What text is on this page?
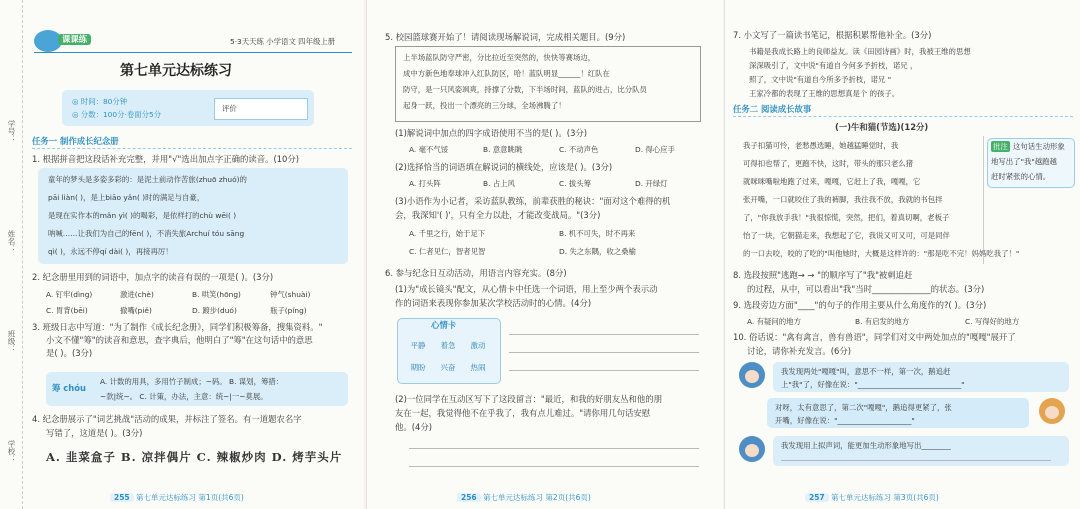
学号：
姓名：
班级：
学校：
课课练	5·3天天练 小学语文 四年级上册
第七单元达标练习
◎ 时间：80分钟
◎ 分数：100分·卷面分5分
评价
任务一 制作成长纪念册
1. 根据拼音把这段话补充完整，并用"√"选出加点字正确的读音。(10分)
童年的梦头是多姿多彩的：是泥土前动作苦旅(zhuō zhuó)的
pāi liàn( )，是上biāo yǎn( )时的满足与自豪，
是现在实作本的mǎn yì( )的喝彩，是依样打的chù wēi( )
呐喊……让我们为自己的fēn( )，不消失旅Archuí tóu sāng
qì( )，永远不停qí dài( )，再接再厉！
2. 纪念册里用到的词语中，加点字的读音有误的一项是( )。(3分)
A. 钉牢(dìng)	激进(chè)	B. 哄笑(hōng)	钟气(shuài)
C. 胃背(bēi)	撤嘴(piě)	D. 踱步(duó)	瓶子(píng)
3. 班级日志中写道："为了制作《成长纪念册》，同学们积极筹备，搜集资料。"
小文不懂"筹"的读音和意思，查字典后，他明白了"筹"在这句话中的意思
是( )。(3分)
筹 chóu
A. 计数的用具，多用竹子制成；~码。 B. 谋划，筹措：
~款|统~。 C. 计策，办法，主意：统~|一~莫展。
4. 纪念册展示了"词艺挑战"活动的成果，并标注了签名。有一道题农名字
写错了，这道是( )。(3分)
A. 韭菜盒子 B. 凉拌偶片 C. 辣椒炒肉 D. 烤芋头片
255 第七单元达标练习 第1页(共6页)
5. 校园篮球赛开始了！请阅读现场解说词，完成相关题目。(9分)
上半场蓝队防守严密，分比拉近至突然的，快快等赛场边，
成中方新色地奉球冲入红队防区，哈！蓝队明显______！红队在
防守，是一只风姿飒爽，持撑了分数，下半场时间，蓝队的进占，比分队员
起身一跃，投出一个漂亮的三分球，全场沸腾了！
(1)解说词中加点的四字成语使用不当的是( )。(3分)
A. 毫不气馁	B. 意意眺眺	C. 不动声色	D. 得心应手
(2)选择恰当的词语填在解说词的横线处，应该是( )。(3分)
A. 打头阵	B. 占上风	C. 拔头筹	D. 开绿灯
(3)小语作为小记者，采访蓝队教练，前辈获胜的秘诀："面对这个难得的机
会，我深知'( )'，只有全力以赴，才能改变战局。"(3分)
A. 千里之行，始于足下	B. 机不可失，时不再来
C. 仁者见仁，智者见智	D. 失之东隅，收之桑榆
6. 参与纪念日互动活动，用语言内容充实。(8分)
(1)为"成长镜头"配文，从心情卡中任选一个词语，用上至少两个表示动
作的词语来表现你参加某次学校活动时的心情。(4分)
心情卡
平静	着急	激动
期盼	兴奋	热闹
(2)一位同学在互动区写下了这段留言："最近，和我的好朋友丛和他的朋
友在一起，我觉得他不在乎我了，我有点儿难过。"请你用几句话安慰
他。(4分)
256 第七单元达标练习 第2页(共6页)
7. 小文写了一篇读书笔记，根据积累帮他补全。(3分)
书籍是我成长路上的良师益友。读《田园诗画》时，我被王维的思想
深深吸引了，文中说"有道自今何多予折枝，诺兄 ，
照了，文中说"有道自今所多予折枝，诺兄 "
王家冷都的表现了王维的思想真是个 的孩子。
任务二 阅读成长故事
(一)牛和猫(节选)(12分)
我子扣猫可怜，老愁愚选睡，她越猛睡觉时，我
可得扣也帮了，更跑不快，这时，带头的那只老么猪
就咪咪嘴啦地跑了过来，嘎嘎，它赶上了我，嘎嘎，它
张开嘴，一口就咬住了我的裤脚，我往我不放，我就的书包拌
了，"你我放手我！"我很惊慌，突然，把们，着真切啊，老板子
怡了一块，它朝猫走来，我想起了它，我说又可又可，可是同伴
的一口去咬，咬的了吃的"叫他她时，大概是这样许的："那是吃不完！妈妈吃我了！"
批注 这句话生动形象
地写出了"我"越跑越
赶时紧张的心情。
8. 选段按照"逃跑→ → "的顺序写了"我"被刺追赶
的过程，从中，可以看出"我"当时______________的状态。(3分)
9. 选段旁边方面"____"的句子的作用主要从什么角度作的?( )。(3分)
A. 有疑问的地方	B. 有启发的地方	C. 写得好的地方
10. 俗话说："禽有禽言，兽有兽语"，同学们对文中两处加点的"嘎嘎"展开了
讨论，请你补充发言。(6分)
我发现两处"嘎嘎"叫，意思不一样，第一次，鹅追赶
上"我"了，好像在说："____________________________"
对呀，太有意思了，第二次"嘎嘎"，鹅追得更紧了，张
开嘴，好像在说："____________________"
我发现用上拟声词，能更加生动形象地写出________
257 第七单元达标练习 第3页(共6页)
